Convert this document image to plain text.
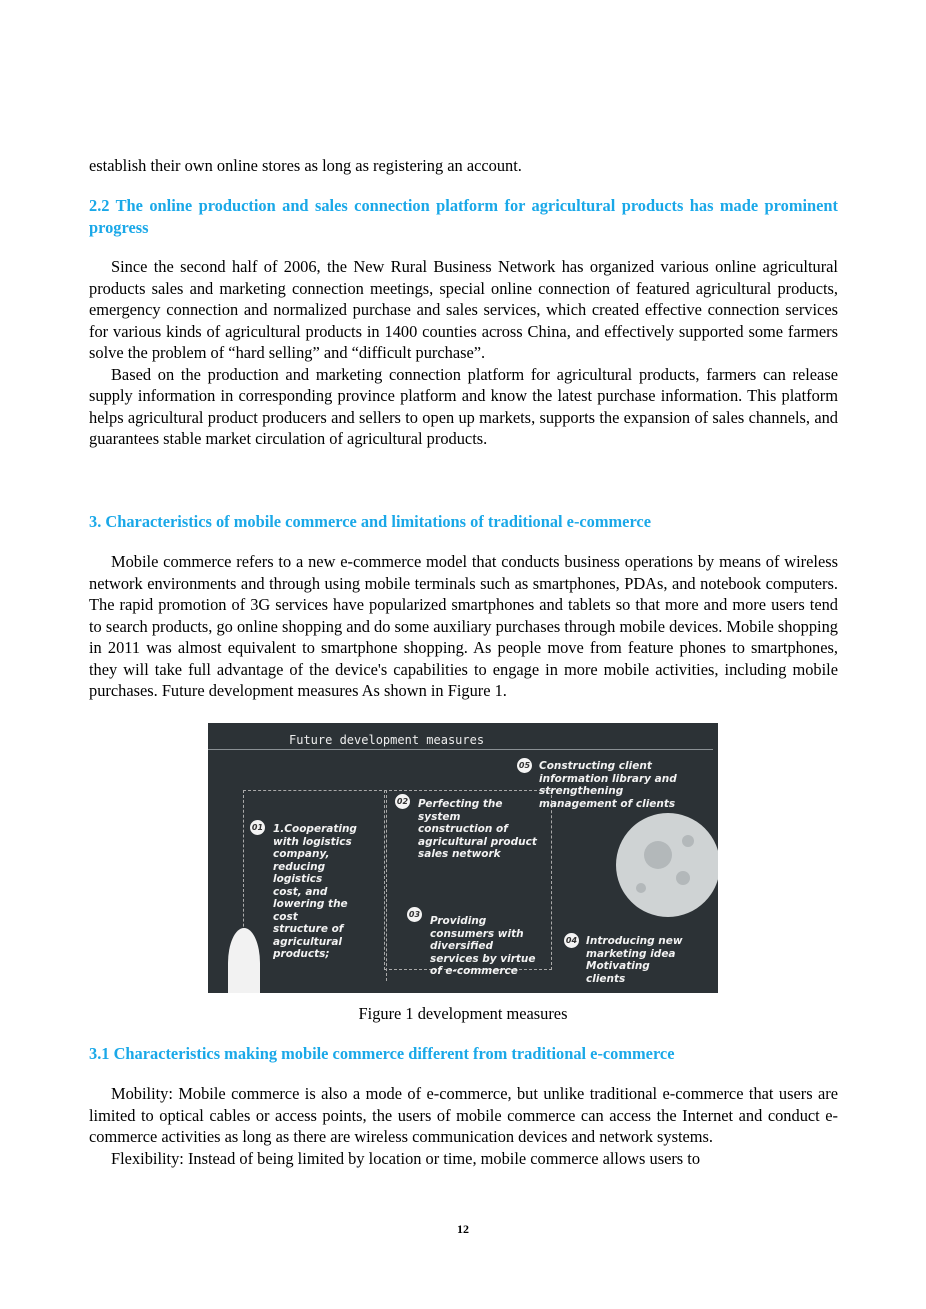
establish their own online stores as long as registering an account.
2.2 The online production and sales connection platform for agricultural products has made prominent progress

Since the second half of 2006, the New Rural Business Network has organized various online agricultural products sales and marketing connection meetings, special online connection of featured agricultural products, emergency connection and normalized purchase and sales services, which created effective connection services for various kinds of agricultural products in 1400 counties across China, and effectively supported some farmers solve the problem of “hard selling” and “difficult purchase”.

Based on the production and marketing connection platform for agricultural products, farmers can release supply information in corresponding province platform and know the latest purchase information. This platform helps agricultural product producers and sellers to open up markets, supports the expansion of sales channels, and guarantees stable market circulation of agricultural products.

3. Characteristics of mobile commerce and limitations of traditional e-commerce

Mobile commerce refers to a new e-commerce model that conducts business operations by means of wireless network environments and through using mobile terminals such as smartphones, PDAs, and notebook computers. The rapid promotion of 3G services have popularized smartphones and tablets so that more and more users tend to search products, go online shopping and do some auxiliary purchases through mobile devices. Mobile shopping in 2011 was almost equivalent to smartphone shopping. As people move from feature phones to smartphones, they will take full advantage of the device's capabilities to engage in more mobile activities, including mobile purchases. Future development measures As shown in Figure 1.

Future development measures
01 1.Cooperating with logistics company, reducing logistics cost, and lowering the cost structure of agricultural products;
02 Perfecting the system construction of agricultural product sales network
03
Providing consumers with diversified services by virtue of e-commerce
04 Introducing new marketing idea Motivating clients
05 Constructing client information library and strengthening management of clients
Figure 1 development measures
3.1 Characteristics making mobile commerce different from traditional e-commerce

Mobility: Mobile commerce is also a mode of e-commerce, but unlike traditional e-commerce that users are limited to optical cables or access points, the users of mobile commerce can access the Internet and conduct e-commerce activities as long as there are wireless communication devices and network systems.

Flexibility: Instead of being limited by location or time, mobile commerce allows users to

12
